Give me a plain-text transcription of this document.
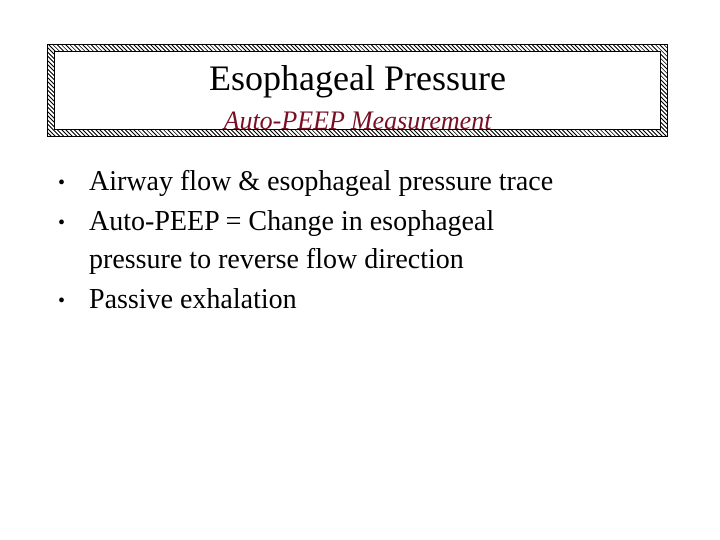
Esophageal Pressure
Auto-PEEP Measurement
• Airway flow & esophageal pressure trace
• Auto-PEEP = Change in esophageal
pressure to reverse flow direction
• Passive exhalation
